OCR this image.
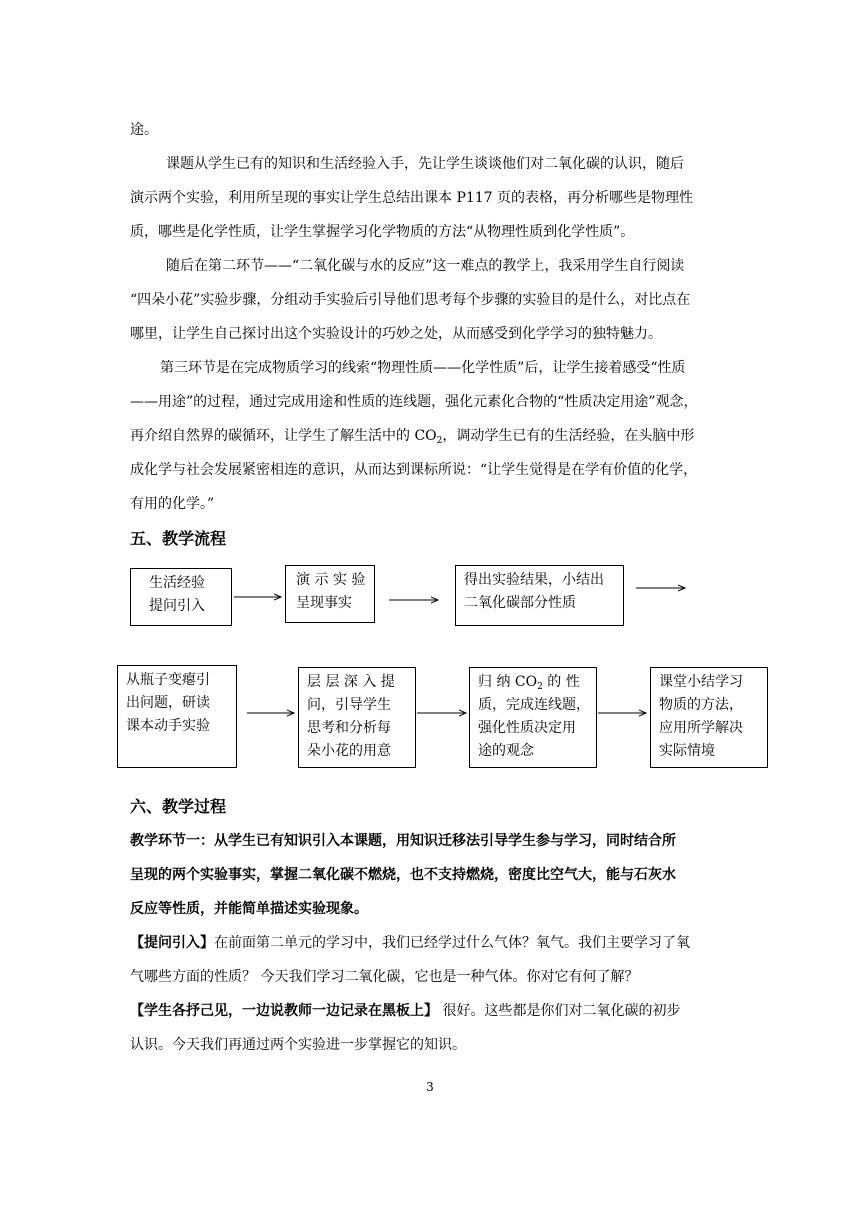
途。
课题从学生已有的知识和生活经验入手，先让学生谈谈他们对二氧化碳的认识，随后
演示两个实验，利用所呈现的事实让学生总结出课本 P117 页的表格，再分析哪些是物理性
质，哪些是化学性质，让学生掌握学习化学物质的方法“从物理性质到化学性质”。
随后在第二环节——“二氧化碳与水的反应”这一难点的教学上，我采用学生自行阅读
“四朵小花”实验步骤，分组动手实验后引导他们思考每个步骤的实验目的是什么，对比点在
哪里，让学生自己探讨出这个实验设计的巧妙之处，从而感受到化学学习的独特魅力。
第三环节是在完成物质学习的线索“物理性质——化学性质”后，让学生接着感受“性质
——用途”的过程，通过完成用途和性质的连线题，强化元素化合物的“性质决定用途”观念，
再介绍自然界的碳循环，让学生了解生活中的 $CO_2$，调动学生已有的生活经验，在头脑中形
成化学与社会发展紧密相连的意识，从而达到课标所说：“让学生觉得是在学有价值的化学，
有用的化学。”
五、教学流程
生活经验
提问引入
演 示 实 验
呈现事实
得出实验结果，小结出
二氧化碳部分性质
从瓶子变瘪引
出问题，研读
课本动手实验
层 层 深 入 提
问，引导学生
思考和分析每
朵小花的用意
归 纳 $CO_2$ 的 性
质，完成连线题，
强化性质决定用
途的观念
课堂小结学习
物质的方法，
应用所学解决
实际情境
六、教学过程
教学环节一：从学生已有知识引入本课题，用知识迁移法引导学生参与学习，同时结合所
呈现的两个实验事实，掌握二氧化碳不燃烧，也不支持燃烧，密度比空气大，能与石灰水
反应等性质，并能简单描述实验现象。
【提问引入】在前面第二单元的学习中，我们已经学过什么气体？氧气。我们主要学习了氧
气哪些方面的性质？ 今天我们学习二氧化碳，它也是一种气体。你对它有何了解？
【学生各抒己见，一边说教师一边记录在黑板上】 很好。这些都是你们对二氧化碳的初步
认识。今天我们再通过两个实验进一步掌握它的知识。
3
